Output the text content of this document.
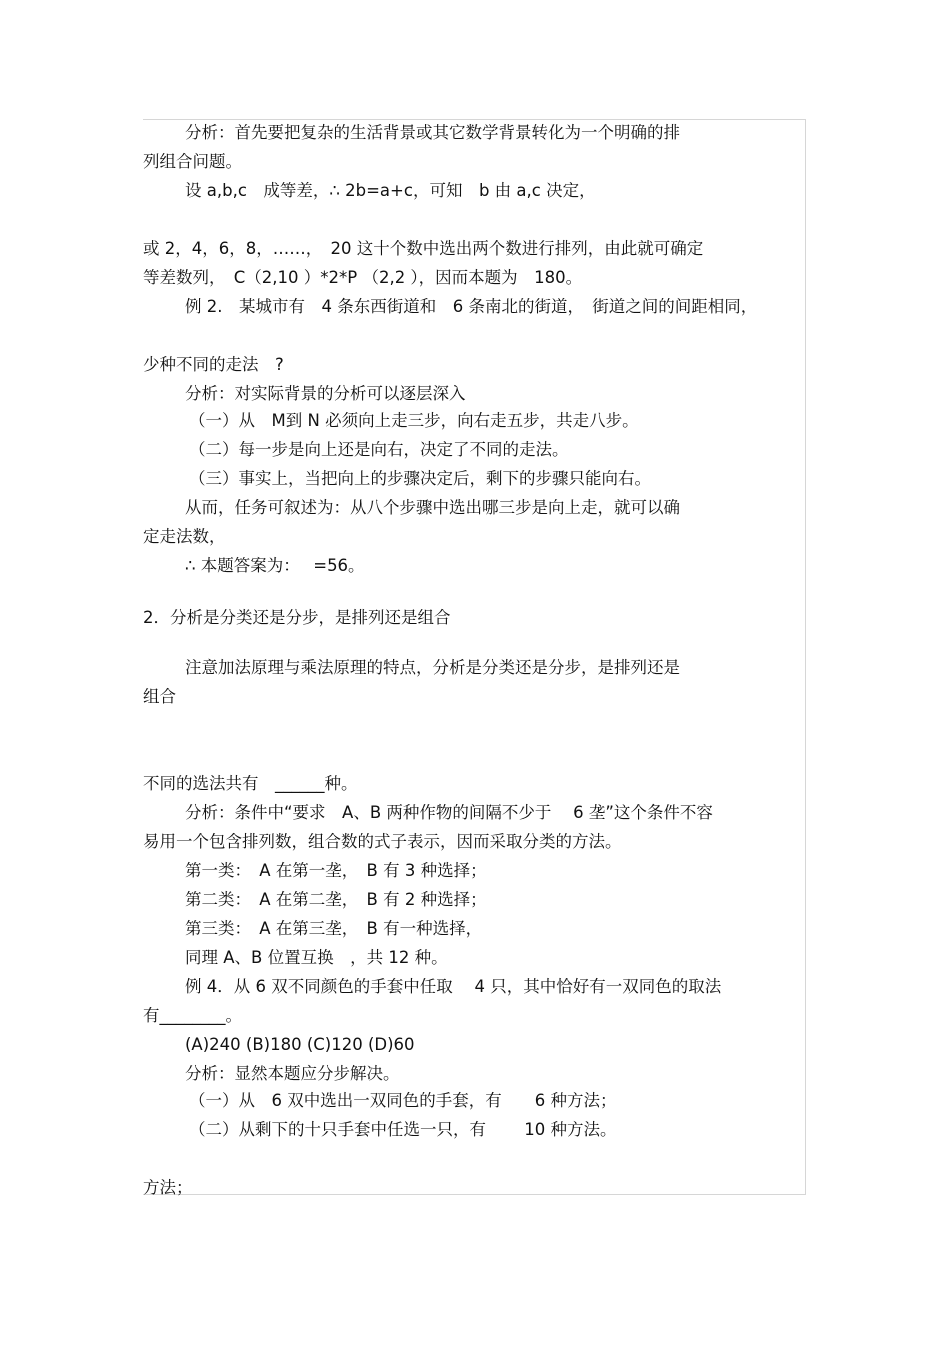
分析：首先要把复杂的生活背景或其它数学背景转化为一个明确的排
列组合问题。
设 a,b,c　成等差，∴ 2b=a+c，可知　b 由 a,c 决定，

或 2，4，6，8，……，　20 这十个数中选出两个数进行排列，由此就可确定
等差数列，　C（2,10 ）*2*P （2,2 ），因而本题为　180。
例 2.　某城市有　4 条东西街道和　6 条南北的街道，　街道之间的间距相同，

少种不同的走法　?
分析：对实际背景的分析可以逐层深入
（一）从　M到 N 必须向上走三步，向右走五步，共走八步。
（二）每一步是向上还是向右，决定了不同的走法。
（三）事实上，当把向上的步骤决定后，剩下的步骤只能向右。
从而，任务可叙述为：从八个步骤中选出哪三步是向上走，就可以确
定走法数，
∴ 本题答案为：　 =56。
2．分析是分类还是分步，是排列还是组合
注意加法原理与乘法原理的特点，分析是分类还是分步，是排列还是
组合

不同的选法共有　______种。
分析：条件中“要求　A、B 两种作物的间隔不少于　 6 垄”这个条件不容
易用一个包含排列数，组合数的式子表示，因而采取分类的方法。
第一类：　A 在第一垄，　B 有 3 种选择；
第二类：　A 在第二垄，　B 有 2 种选择；
第三类：　A 在第三垄，　B 有一种选择，
同理 A、B 位置互换　，共 12 种。
例 4．从 6 双不同颜色的手套中任取　 4 只，其中恰好有一双同色的取法
有________。
(A)240 (B)180 (C)120 (D)60
分析：显然本题应分步解决。
（一）从　6 双中选出一双同色的手套，有　　6 种方法；
（二）从剩下的十只手套中任选一只，有　　 10 种方法。

方法；
